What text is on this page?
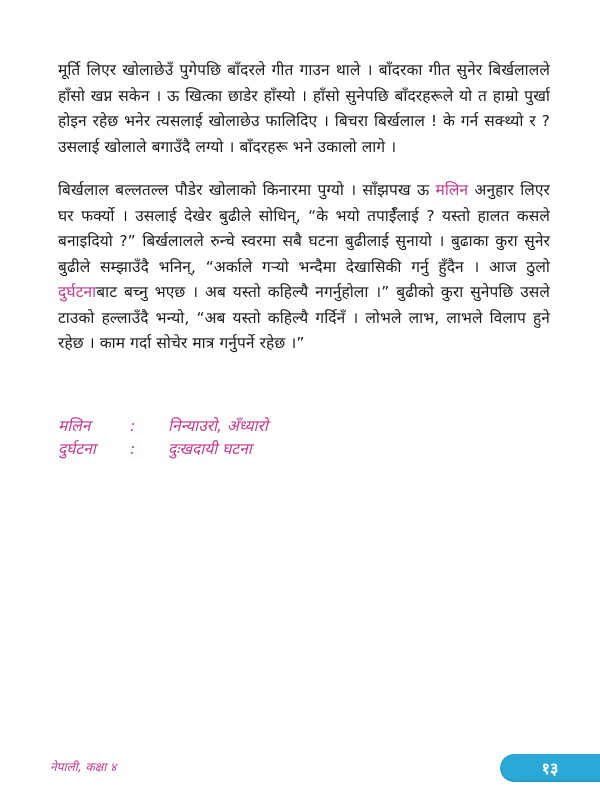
मूर्ति लिएर खोलाछेउँ पुगेपछि बाँदरले गीत गाउन थाले । बाँदरका गीत सुनेर बिर्खलालले हाँसो खप्न सकेन । ऊ खित्का छाडेर हाँस्यो । हाँसो सुनेपछि बाँदरहरूले यो त हाम्रो पुर्खा होइन रहेछ भनेर त्यसलाई खोलाछेउ फालिदिए । बिचरा बिर्खलाल ! के गर्न सक्थ्यो र ? उसलाई खोलाले बगाउँदै लग्यो । बाँदरहरू भने उकालो लागे ।

बिर्खलाल बल्लतल्ल पौडेर खोलाको किनारमा पुग्यो । साँझपख ऊ मलिन अनुहार लिएर घर फर्क्यो । उसलाई देखेर बुढीले सोधिन्, “के भयो तपाईँलाई ? यस्तो हालत कसले बनाइदियो ?” बिर्खलालले रुन्चे स्वरमा सबै घटना बुढीलाई सुनायो । बुढाका कुरा सुनेर बुढीले सम्झाउँदै भनिन्, “अर्काले गऱ्यो भन्दैमा देखासिकी गर्नु हुँदैन । आज ठुलो दुर्घटनाबाट बच्नु भएछ । अब यस्तो कहिल्यै नगर्नुहोला ।” बुढीको कुरा सुनेपछि उसले टाउको हल्लाउँदै भन्यो, “अब यस्तो कहिल्यै गर्दिनँ । लोभले लाभ, लाभले विलाप हुने रहेछ । काम गर्दा सोचेर मात्र गर्नुपर्ने रहेछ ।”

मलिन	:	निन्याउरो, अँध्यारो
दुर्घटना	:	दुःखदायी घटना
नेपाली, कक्षा ४	१३
